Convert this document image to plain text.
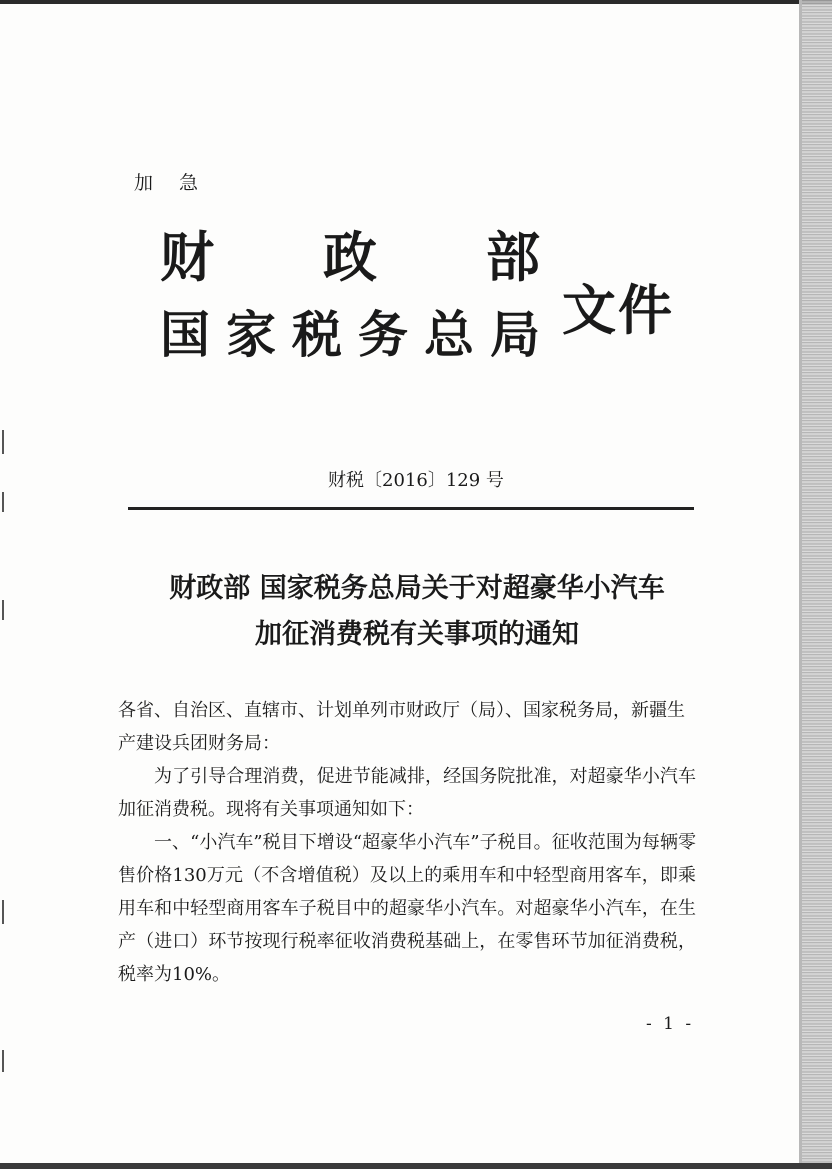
加 急
财 政 部
国 家 税 务 总 局 文件
财税〔2016〕129 号
财政部 国家税务总局关于对超豪华小汽车
加征消费税有关事项的通知
各省、自治区、直辖市、计划单列市财政厅（局）、国家税务局，新疆生产建设兵团财务局：

为了引导合理消费，促进节能减排，经国务院批准，对超豪华小汽车加征消费税。现将有关事项通知如下：

一、“小汽车”税目下增设“超豪华小汽车”子税目。征收范围为每辆零售价格130万元（不含增值税）及以上的乘用车和中轻型商用客车，即乘用车和中轻型商用客车子税目中的超豪华小汽车。对超豪华小汽车，在生产（进口）环节按现行税率征收消费税基础上，在零售环节加征消费税，税率为10%。

- 1 -
